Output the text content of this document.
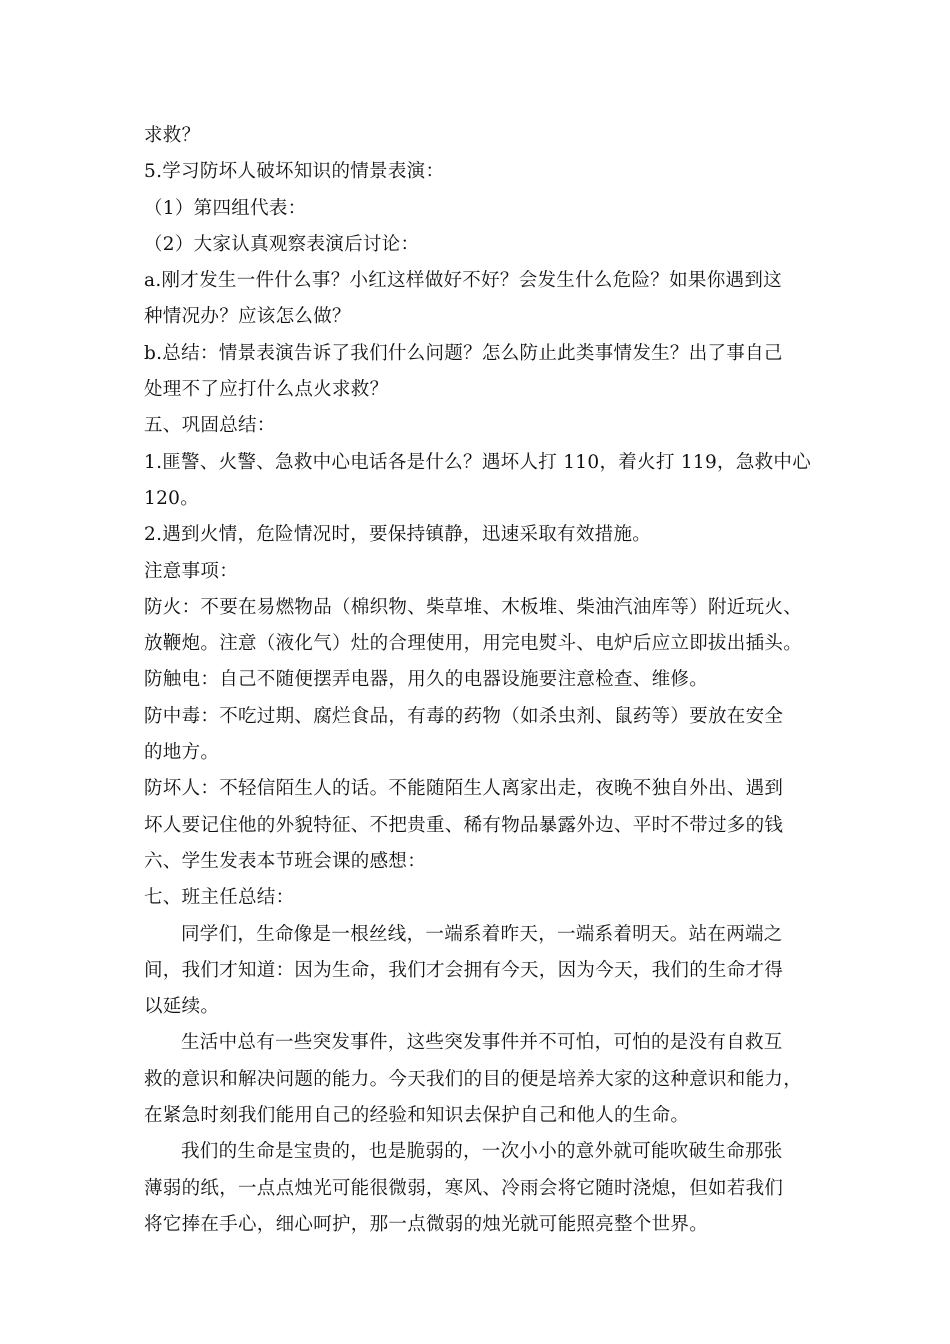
求救？
5.学习防坏人破坏知识的情景表演：
（1）第四组代表：
（2）大家认真观察表演后讨论：
a.刚才发生一件什么事？小红这样做好不好？会发生什么危险？如果你遇到这
种情况办？应该怎么做？
b.总结：情景表演告诉了我们什么问题？怎么防止此类事情发生？出了事自己
处理不了应打什么点火求救？
五、巩固总结：
1.匪警、火警、急救中心电话各是什么？遇坏人打 110，着火打 119，急救中心
120。
2.遇到火情，危险情况时，要保持镇静，迅速采取有效措施。
注意事项：
防火：不要在易燃物品（棉织物、柴草堆、木板堆、柴油汽油库等）附近玩火、
放鞭炮。注意（液化气）灶的合理使用，用完电熨斗、电炉后应立即拔出插头。
防触电：自己不随便摆弄电器，用久的电器设施要注意检查、维修。
防中毒：不吃过期、腐烂食品，有毒的药物（如杀虫剂、鼠药等）要放在安全
的地方。
防坏人：不轻信陌生人的话。不能随陌生人离家出走，夜晚不独自外出、遇到
坏人要记住他的外貌特征、不把贵重、稀有物品暴露外边、平时不带过多的钱
六、学生发表本节班会课的感想：
七、班主任总结：
同学们，生命像是一根丝线，一端系着昨天，一端系着明天。站在两端之
间，我们才知道：因为生命，我们才会拥有今天，因为今天，我们的生命才得
以延续。
生活中总有一些突发事件，这些突发事件并不可怕，可怕的是没有自救互
救的意识和解决问题的能力。今天我们的目的便是培养大家的这种意识和能力，
在紧急时刻我们能用自己的经验和知识去保护自己和他人的生命。
我们的生命是宝贵的，也是脆弱的，一次小小的意外就可能吹破生命那张
薄弱的纸，一点点烛光可能很微弱，寒风、冷雨会将它随时浇熄，但如若我们
将它捧在手心，细心呵护，那一点微弱的烛光就可能照亮整个世界。
